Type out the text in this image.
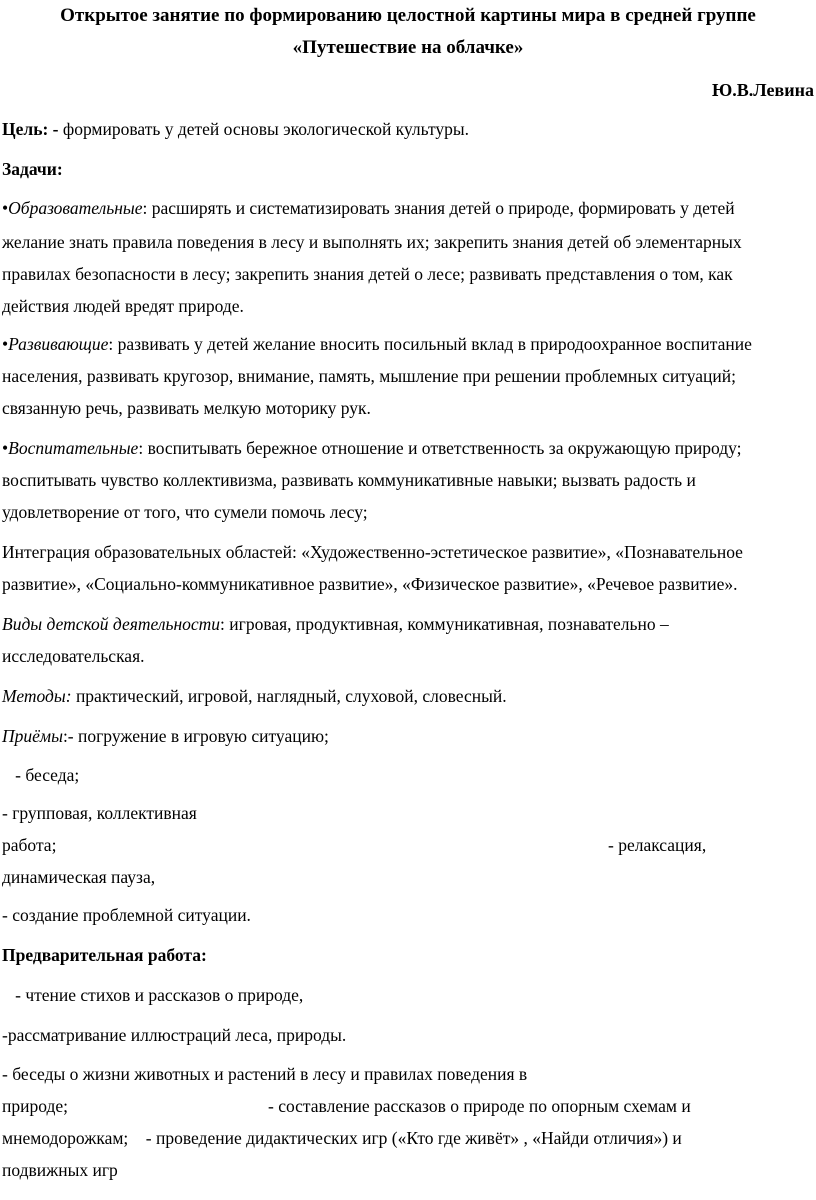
Открытое занятие по формированию целостной картины мира в средней группе
«Путешествие на облачке»
Ю.В.Левина
Цель: - формировать у детей основы экологической культуры.
Задачи:
•Образовательные: расширять и систематизировать знания детей о природе, формировать у детей
желание знать правила поведения в лесу и выполнять их; закрепить знания детей об элементарных
правилах безопасности в лесу; закрепить знания детей о лесе; развивать представления о том, как
действия людей вредят природе.
•Развивающие: развивать у детей желание вносить посильный вклад в природоохранное воспитание
населения, развивать кругозор, внимание, память, мышление при решении проблемных ситуаций;
связанную речь, развивать мелкую моторику рук.
•Воспитательные: воспитывать бережное отношение и ответственность за окружающую природу;
воспитывать чувство коллективизма, развивать коммуникативные навыки; вызвать радость и
удовлетворение от того, что сумели помочь лесу;
Интеграция образовательных областей: «Художественно-эстетическое развитие», «Познавательное
развитие», «Социально-коммуникативное развитие», «Физическое развитие», «Речевое развитие».
Виды детской деятельности: игровая, продуктивная, коммуникативная, познавательно –
исследовательская.
Методы: практический, игровой, наглядный, слуховой, словесный.
Приёмы:- погружение в игровую ситуацию;
- беседа;
- групповая, коллективная
работа;	- релаксация,
динамическая пауза,
- создание проблемной ситуации.
Предварительная работа:
- чтение стихов и рассказов о природе,
-рассматривание иллюстраций леса, природы.
- беседы о жизни животных и растений в лесу и правилах поведения в
природе;	- составление рассказов о природе по опорным схемам и
мнемодорожкам;    - проведение дидактических игр («Кто где живёт» , «Найди отличия») и
подвижных игр
